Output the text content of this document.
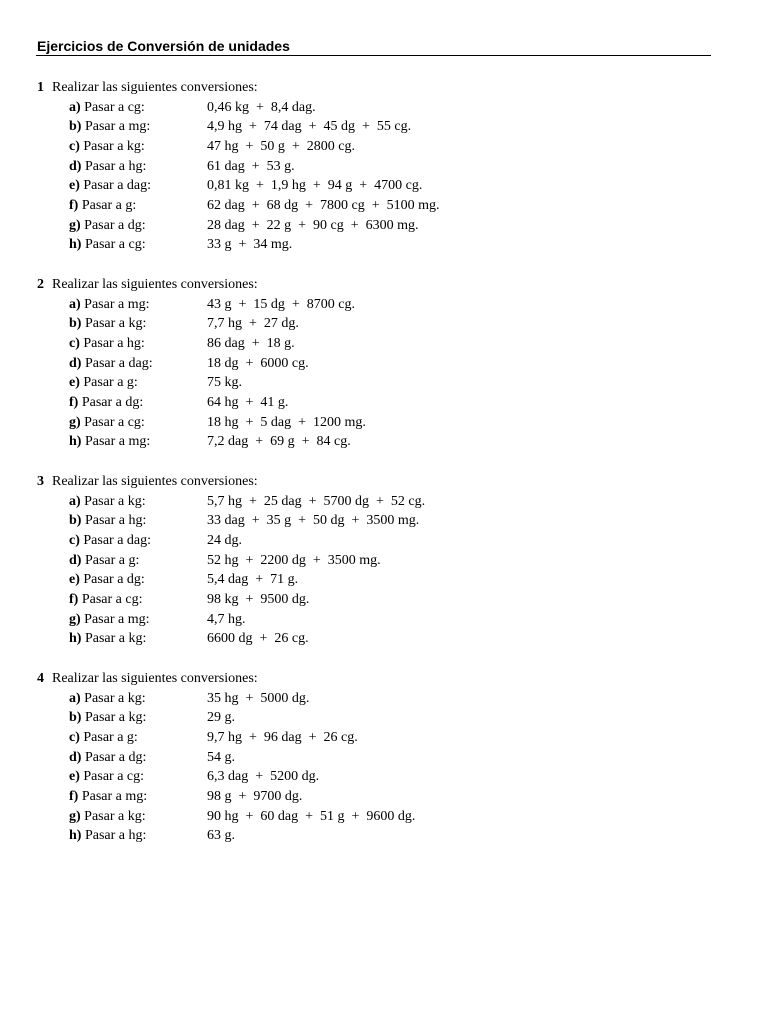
Ejercicios de Conversión de unidades
1 Realizar las siguientes conversiones:
a) Pasar a cg:	0,46 kg  +  8,4 dag.
b) Pasar a mg:	4,9 hg  +  74 dag  +  45 dg  +  55 cg.
c) Pasar a kg:	47 hg  +  50 g  +  2800 cg.
d) Pasar a hg:	61 dag  +  53 g.
e) Pasar a dag:	0,81 kg  +  1,9 hg  +  94 g  +  4700 cg.
f) Pasar a g:	62 dag  +  68 dg  +  7800 cg  +  5100 mg.
g) Pasar a dg:	28 dag  +  22 g  +  90 cg  +  6300 mg.
h) Pasar a cg:	33 g  +  34 mg.
2 Realizar las siguientes conversiones:
a) Pasar a mg:	43 g  +  15 dg  +  8700 cg.
b) Pasar a kg:	7,7 hg  +  27 dg.
c) Pasar a hg:	86 dag  +  18 g.
d) Pasar a dag:	18 dg  +  6000 cg.
e) Pasar a g:	75 kg.
f) Pasar a dg:	64 hg  +  41 g.
g) Pasar a cg:	18 hg  +  5 dag  +  1200 mg.
h) Pasar a mg:	7,2 dag  +  69 g  +  84 cg.
3 Realizar las siguientes conversiones:
a) Pasar a kg:	5,7 hg  +  25 dag  +  5700 dg  +  52 cg.
b) Pasar a hg:	33 dag  +  35 g  +  50 dg  +  3500 mg.
c) Pasar a dag:	24 dg.
d) Pasar a g:	52 hg  +  2200 dg  +  3500 mg.
e) Pasar a dg:	5,4 dag  +  71 g.
f) Pasar a cg:	98 kg  +  9500 dg.
g) Pasar a mg:	4,7 hg.
h) Pasar a kg:	6600 dg  +  26 cg.
4 Realizar las siguientes conversiones:
a) Pasar a kg:	35 hg  +  5000 dg.
b) Pasar a kg:	29 g.
c) Pasar a g:	9,7 hg  +  96 dag  +  26 cg.
d) Pasar a dg:	54 g.
e) Pasar a cg:	6,3 dag  +  5200 dg.
f) Pasar a mg:	98 g  +  9700 dg.
g) Pasar a kg:	90 hg  +  60 dag  +  51 g  +  9600 dg.
h) Pasar a hg:	63 g.
